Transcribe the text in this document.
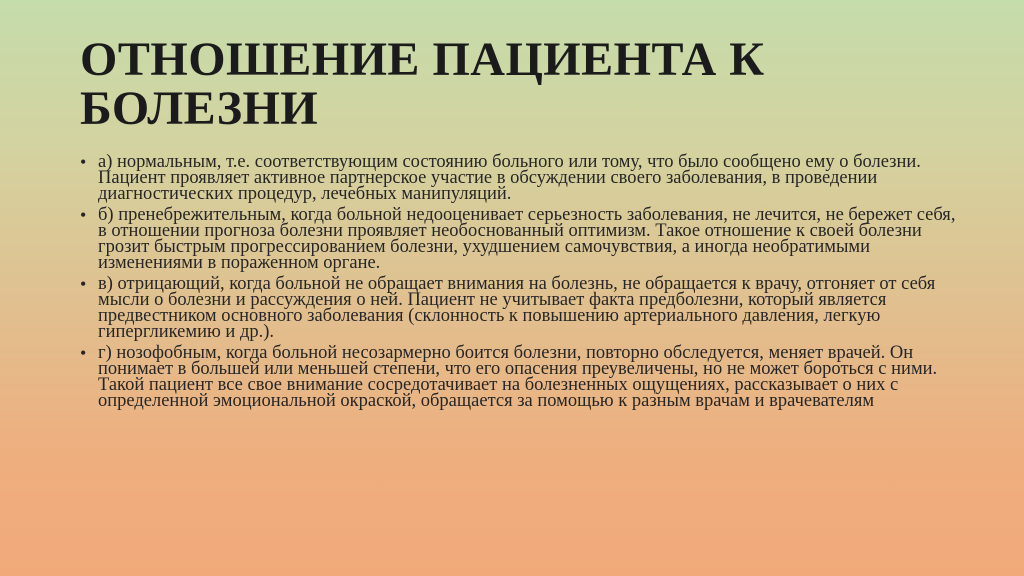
ОТНОШЕНИЕ ПАЦИЕНТА К БОЛЕЗНИ
• а) нормальным, т.е. соответствующим состоянию больного или тому, что было сообщено ему о болезни. Пациент проявляет активное партнерское участие в обсуждении своего заболевания, в проведении диагностических процедур, лечебных манипуляций.
• б) пренебрежительным, когда больной недооценивает серьезность заболевания, не лечится, не бережет себя, в отношении прогноза болезни проявляет необоснованный оптимизм. Такое отношение к своей болезни грозит быстрым прогрессированием болезни, ухудшением самочувствия, а иногда необратимыми изменениями в пораженном органе.
• в) отрицающий, когда больной не обращает внимания на болезнь, не обращается к врачу, отгоняет от себя мысли о болезни и рассуждения о ней. Пациент не учитывает факта предболезни, который является предвестником основного заболевания (склонность к повышению артериального давления, легкую гипергликемию и др.).
• г) нозофобным, когда больной несозармерно боится болезни, повторно обследуется, меняет врачей. Он понимает в большей или меньшей степени, что его опасения преувеличены, но не может бороться с ними. Такой пациент все свое внимание сосредотачивает на болезненных ощущениях, рассказывает о них с определенной эмоциональной окраской, обращается за помощью к разным врачам и врачевателям
